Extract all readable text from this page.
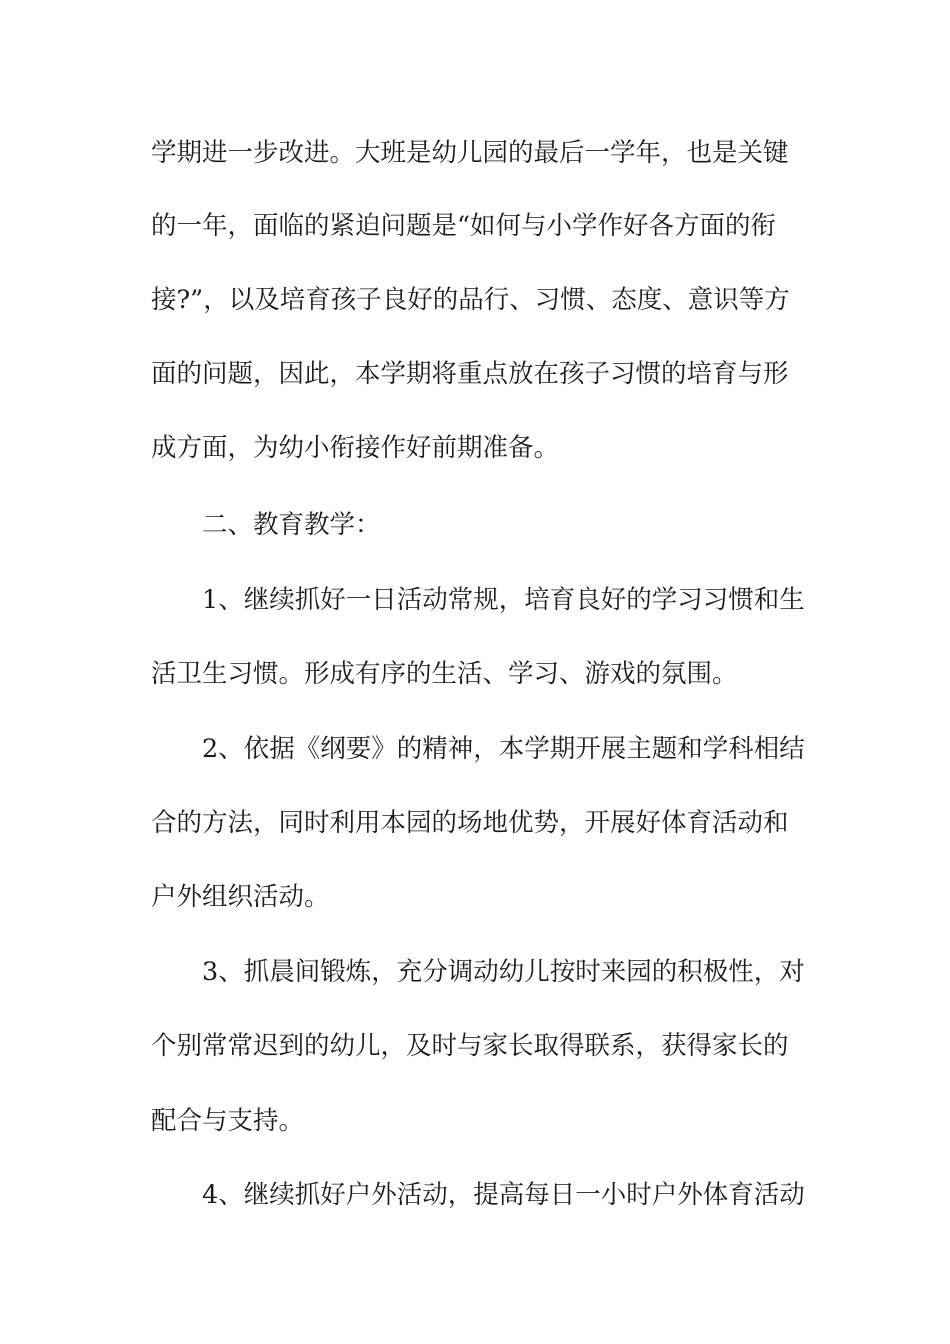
学期进一步改进。大班是幼儿园的最后一学年，也是关键
的一年，面临的紧迫问题是“如何与小学作好各方面的衔
接?”，以及培育孩子良好的品行、习惯、态度、意识等方
面的问题，因此，本学期将重点放在孩子习惯的培育与形
成方面，为幼小衔接作好前期准备。
二、教育教学：
1、继续抓好一日活动常规，培育良好的学习习惯和生
活卫生习惯。形成有序的生活、学习、游戏的氛围。
2、依据《纲要》的精神，本学期开展主题和学科相结
合的方法，同时利用本园的场地优势，开展好体育活动和
户外组织活动。
3、抓晨间锻炼，充分调动幼儿按时来园的积极性，对
个别常常迟到的幼儿，及时与家长取得联系，获得家长的
配合与支持。
4、继续抓好户外活动，提高每日一小时户外体育活动
